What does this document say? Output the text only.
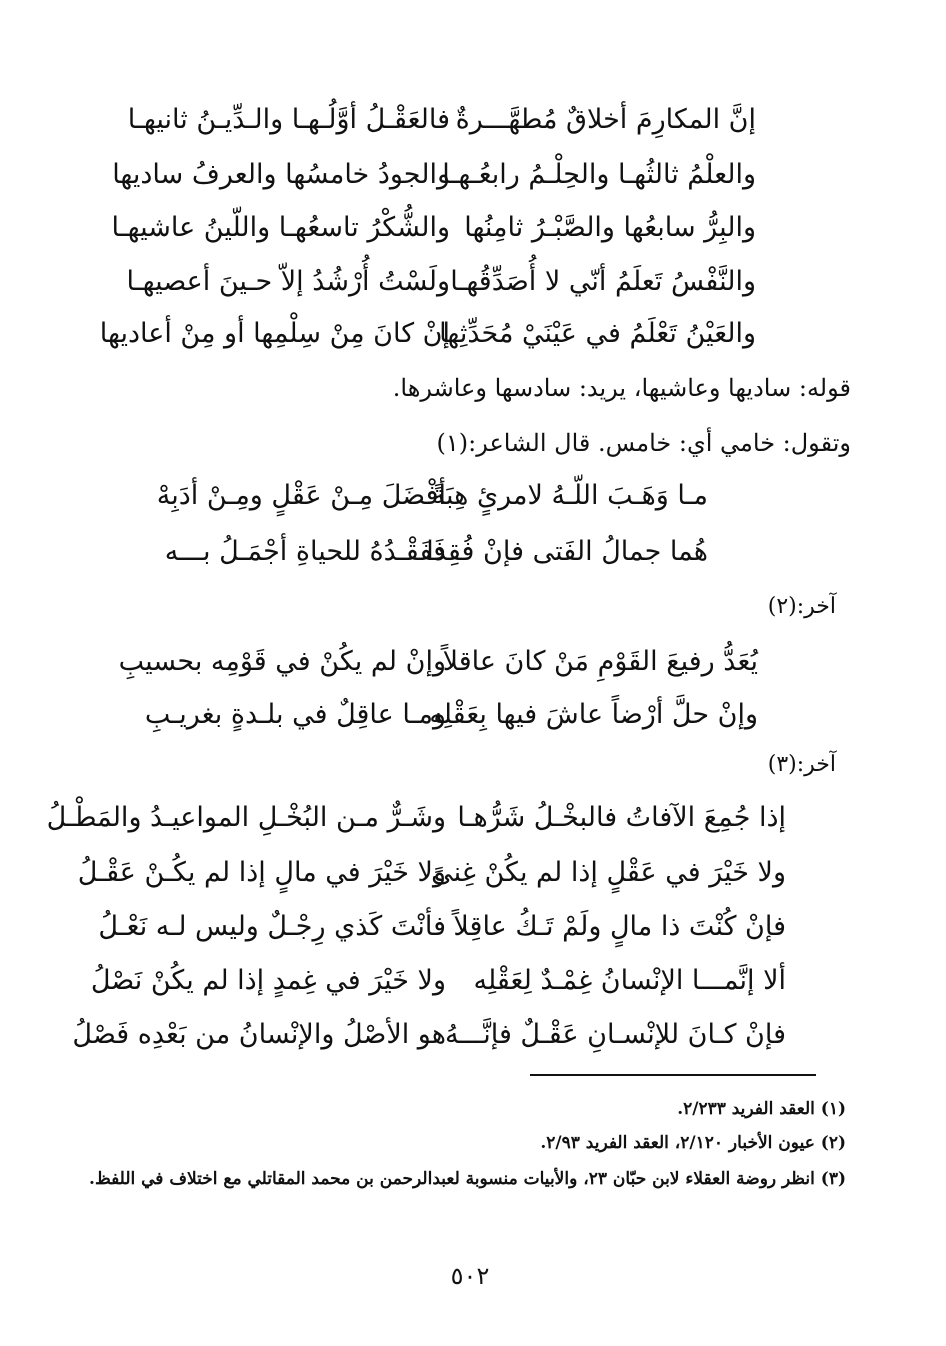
إنَّ المكارِمَ أخلاقٌ مُطهَّـــرةٌ
فالعَقْـلُ أوَّلُـهـا والـدِّيـنُ ثانيهـا
والعلْمُ ثالثُهـا والحِلْـمُ رابعُـهـا
والجودُ خامسُها والعرفُ ساديها
والبِرُّ سابعُها والصَّبْـرُ ثامِنُها
والشُّكْرُ تاسعُهـا واللّينُ عاشيهـا
والنَّفْسُ تَعلَمُ أنّي لا أُصَدِّقُهـا
ولَسْتُ أُرْشُدُ إلاّ حـينَ أعصيهـا
والعَيْنُ تَعْلَمُ في عَيْنَيْ مُحَدِّثِها
إنْ كانَ مِنْ سِلْمِها أو مِنْ أعاديها
قوله: ساديها وعاشيها، يريد: سادسها وعاشرها.
وتقول: خامي أي: خامس. قال الشاعر:(١)
مـا وَهَـبَ اللّـهُ لامرئٍ هِبَةً
أفْضَلَ مِـنْ عَقْلٍ ومِـنْ أدَبِهْ
هُما جمالُ الفَتى فإنْ فُقِدا
فَفَقْـدُهُ للحياةِ أجْمَـلُ بـــه
آخر:(٢)
يُعَدُّ رفيعَ القَوْمِ مَنْ كانَ عاقلاً
وإنْ لم يكُنْ في قَوْمِه بحسيبِ
وإنْ حلَّ أرْضاً عاشَ فيها بِعَقْلِه
ومـا عاقِلٌ في بلـدةٍ بغريـبِ
آخر:(٣)
إذا جُمِعَ الآفاتُ فالبخْـلُ شَرُّهـا
وشَـرٌّ مـن البُخْـلِ المواعيـدُ والمَطْـلُ
ولا خَيْرَ في عَقْلٍ إذا لم يكُنْ غِنىً
ولا خَيْرَ في مالٍ إذا لم يكُـنْ عَقْـلُ
فإنْ كُنْتَ ذا مالٍ ولَمْ تَـكُ عاقِلاً
فأنْتَ كَذي رِجْـلٌ وليس لـه نَعْـلُ
ألا إنَّمـــا الإنْسانُ غِمْـدٌ لِعَقْلِه
ولا خَيْرَ في غِمدٍ إذا لم يكُنْ نَصْلُ
فإنْ كـانَ للإنْسـانِ عَقْـلٌ فإنَّـــهُ
هو الأصْلُ والإنْسانُ من بَعْدِه فَصْلُ
(١) العقد الفريد ٢/٢٣٣.
(٢) عيون الأخبار ٢/١٢٠، العقد الفريد ٢/٩٣.
(٣) انظر روضة العقلاء لابن حبّان ٢٣، والأبيات منسوبة لعبدالرحمن بن محمد المقاتلي مع اختلاف في اللفظ.
٥٠٢
